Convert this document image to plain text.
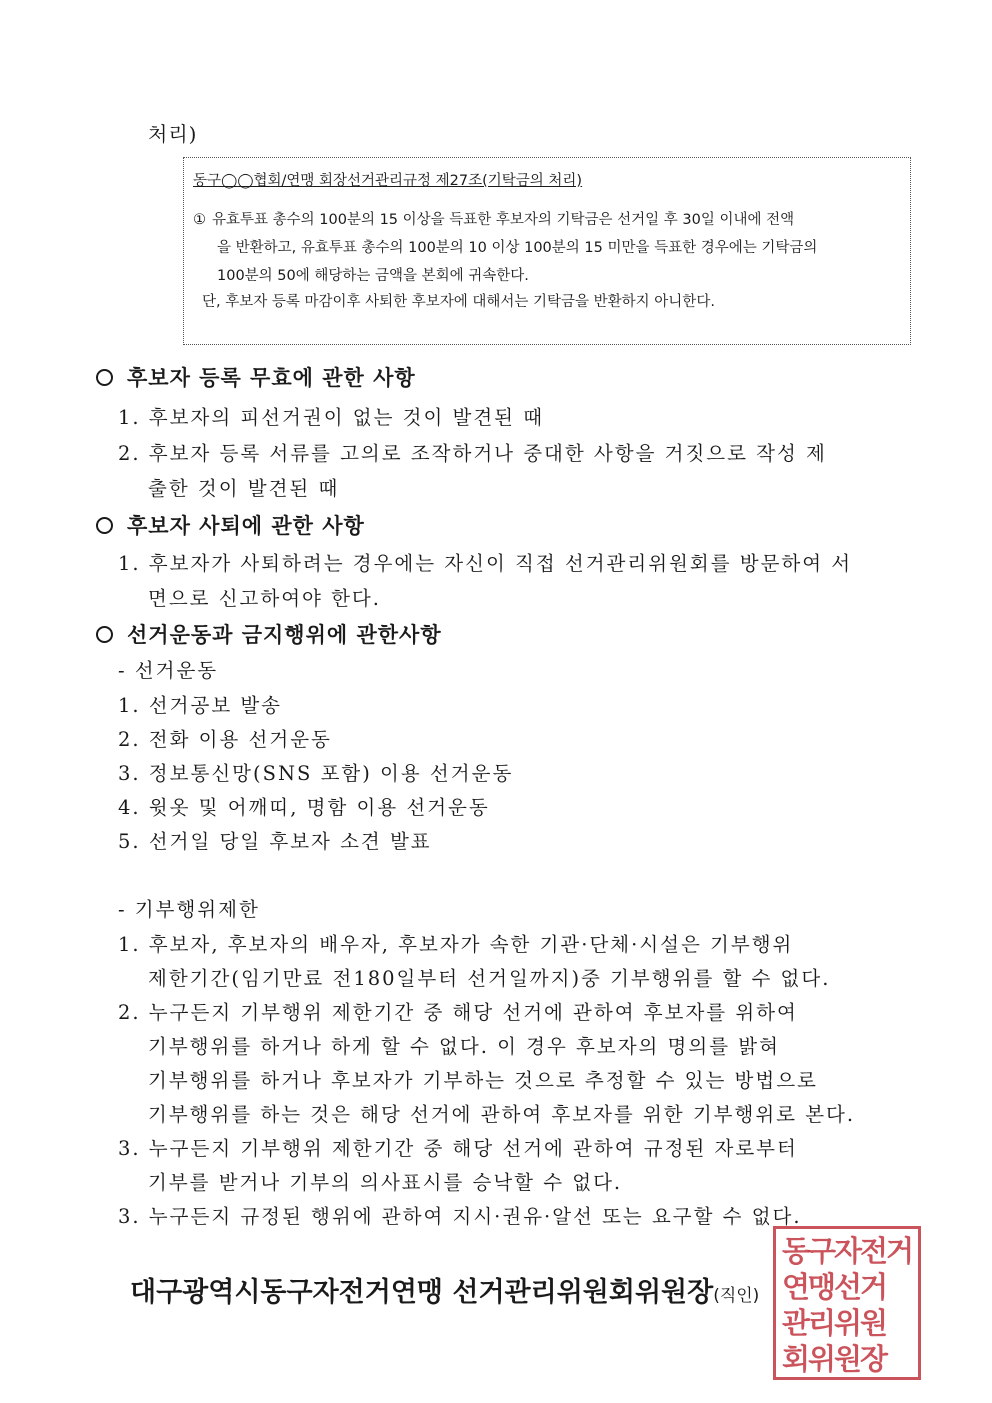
처리)
동구◯◯협회/연맹 회장선거관리규정 제27조(기탁금의 처리)
① 유효투표 총수의 100분의 15 이상을 득표한 후보자의 기탁금은 선거일 후 30일 이내에 전액
을 반환하고, 유효투표 총수의 100분의 10 이상 100분의 15 미만을 득표한 경우에는 기탁금의
100분의 50에 해당하는 금액을 본회에 귀속한다.
단, 후보자 등록 마감이후 사퇴한 후보자에 대해서는 기탁금을 반환하지 아니한다.
후보자 등록 무효에 관한 사항
1. 후보자의 피선거권이 없는 것이 발견된 때
2. 후보자 등록 서류를 고의로 조작하거나 중대한 사항을 거짓으로 작성 제
출한 것이 발견된 때
후보자 사퇴에 관한 사항
1. 후보자가 사퇴하려는 경우에는 자신이 직접 선거관리위원회를 방문하여 서
면으로 신고하여야 한다.
선거운동과 금지행위에 관한사항
- 선거운동
1. 선거공보 발송
2. 전화 이용 선거운동
3. 정보통신망(SNS 포함) 이용 선거운동
4. 윗옷 및 어깨띠, 명함 이용 선거운동
5. 선거일 당일 후보자 소견 발표
- 기부행위제한
1. 후보자, 후보자의 배우자, 후보자가 속한 기관·단체·시설은 기부행위
제한기간(임기만료 전180일부터 선거일까지)중 기부행위를 할 수 없다.
2. 누구든지 기부행위 제한기간 중 해당 선거에 관하여 후보자를 위하여
기부행위를 하거나 하게 할 수 없다. 이 경우 후보자의 명의를 밝혀
기부행위를 하거나 후보자가 기부하는 것으로 추정할 수 있는 방법으로
기부행위를 하는 것은 해당 선거에 관하여 후보자를 위한 기부행위로 본다.
3. 누구든지 기부행위 제한기간 중 해당 선거에 관하여 규정된 자로부터
기부를 받거나 기부의 의사표시를 승낙할 수 없다.
3. 누구든지 규정된 행위에 관하여 지시·권유·알선 또는 요구할 수 없다.
동구자전거
연맹선거
관리위원
회위원장
대구광역시동구자전거연맹 선거관리위원회위원장(직인)
